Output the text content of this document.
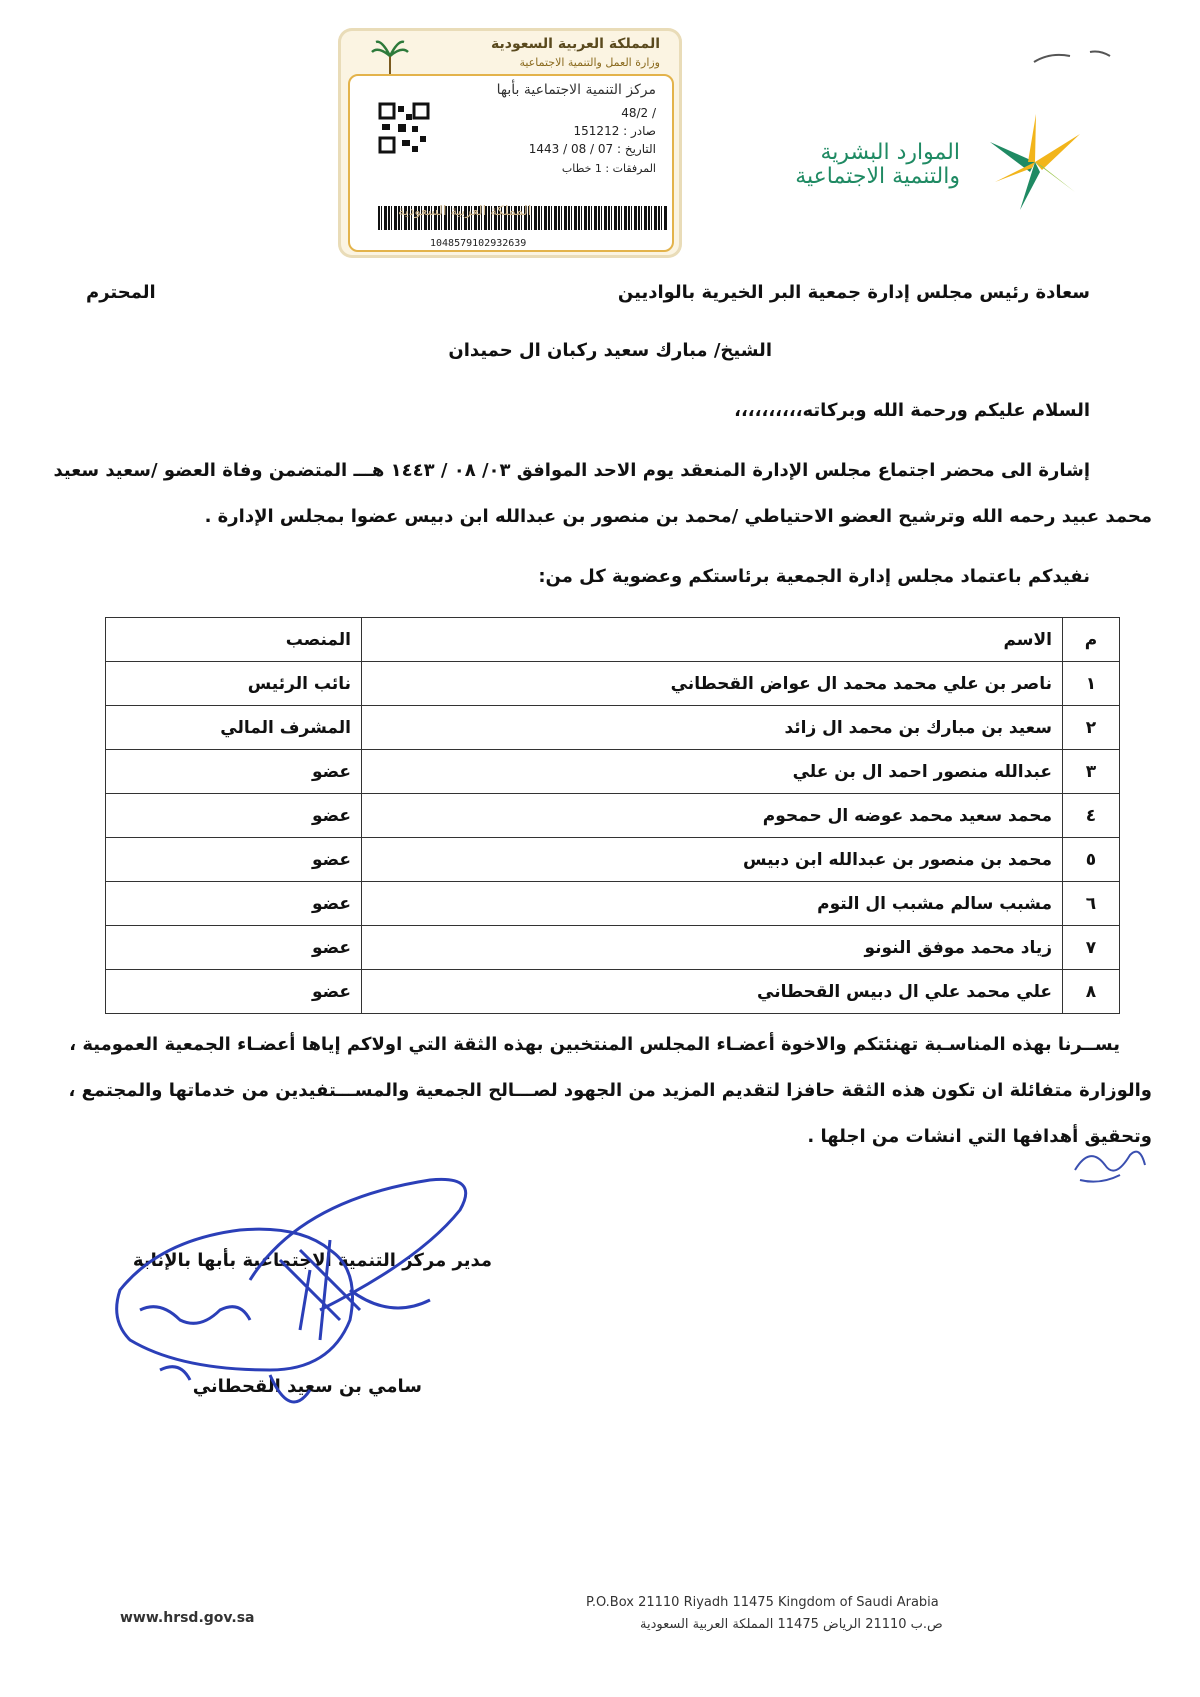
المملكة العربية السعودية
وزارة العمل والتنمية الاجتماعية
مركز التنمية الاجتماعية بأبها
/ 48/2
صادر : 151212
التاريخ : 07 / 08 / 1443
المرفقات : 1 خطاب
1048579102932639
المملكة العربية السعودية
الموارد البشرية
والتنمية الاجتماعية
سعادة رئيس مجلس إدارة جمعية البر الخيرية بالواديين
المحترم
الشيخ/ مبارك سعيد ركبان ال حميدان
السلام عليكم ورحمة الله وبركاته،،،،،،،،،،
إشارة الى محضر اجتماع مجلس الإدارة المنعقد يوم الاحد الموافق ٠٣/ ٠٨ / ١٤٤٣ هـــ المتضمن وفاة العضو /سعيد سعيد
محمد عبيد رحمه الله وترشيح العضو الاحتياطي /محمد بن منصور بن عبدالله ابن دبيس عضوا بمجلس الإدارة .
نفيدكم باعتماد مجلس إدارة الجمعية برئاستكم وعضوية كل من:
م	الاسم	المنصب
١	ناصر بن علي محمد محمد ال عواض القحطاني	نائب الرئيس
٢	سعيد بن مبارك بن محمد ال زائد	المشرف المالي
٣	عبدالله منصور احمد ال بن علي	عضو
٤	محمد سعيد محمد عوضه ال حمحوم	عضو
٥	محمد بن منصور بن عبدالله ابن دبيس	عضو
٦	مشبب سالم مشبب ال التوم	عضو
٧	زياد محمد موفق النونو	عضو
٨	علي محمد علي ال دبيس القحطاني	عضو
يســرنا بهذه المناسـبة تهنئتكم والاخوة أعضـاء المجلس المنتخبين بهذه الثقة التي اولاكم إياها أعضـاء الجمعية العمومية ،
والوزارة متفائلة ان تكون هذه الثقة حافزا لتقديم المزيد من الجهود لصـــالح الجمعية والمســـتفيدين من خدماتها والمجتمع ،
وتحقيق أهدافها التي انشات من اجلها .
مدير مركز التنمية الاجتماعية بأبها بالإنابة
سامي بن سعيد القحطاني
www.hrsd.gov.sa
P.O.Box 21110 Riyadh 11475 Kingdom of Saudi Arabia
ص.ب 21110 الرياض 11475 المملكة العربية السعودية
